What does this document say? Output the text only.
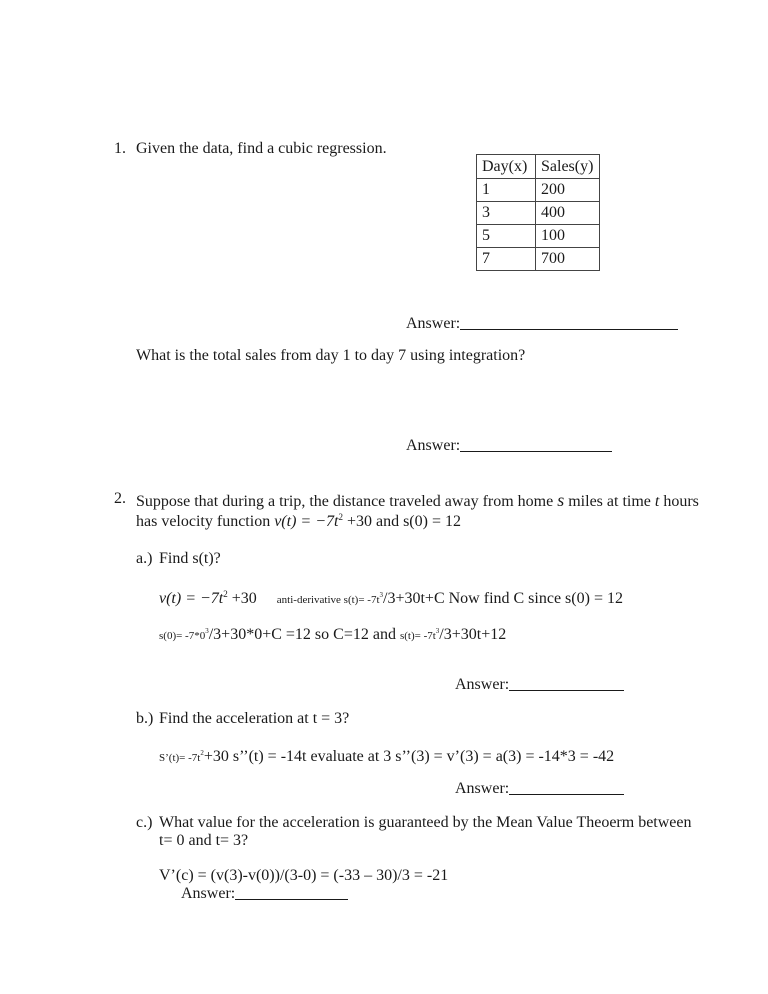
1. Given the data, find a cubic regression.
Day(x)	Sales(y)
1	200
3	400
5	100
7	700
Answer:
What is the total sales from day 1 to day 7 using integration?
Answer:
2. Suppose that during a trip, the distance traveled away from home s miles at time t hours
has velocity function $v(t) = -7t^2 +30$ and s(0) = 12
a.) Find s(t)?
$v(t) = -7t^2 +30$ anti-derivative $s(t)= -7t^3/3+30t+C$ Now find C since s(0) = 12
$s(0)= -7*0^3/3+30*0+C =12$ so C=12 and $s(t)= -7t^3/3+30t+12$
Answer:
b.) Find the acceleration at t = 3?
S’(t)= $-7t^2+30$ s’’(t) = -14t evaluate at 3 s’’(3) = v’(3) = a(3) = -14*3 = -42
Answer:
c.) What value for the acceleration is guaranteed by the Mean Value Theoerm between
t= 0 and t= 3?
V’(c) = (v(3)-v(0))/(3-0) = (-33 – 30)/3 = -21
Answer:
